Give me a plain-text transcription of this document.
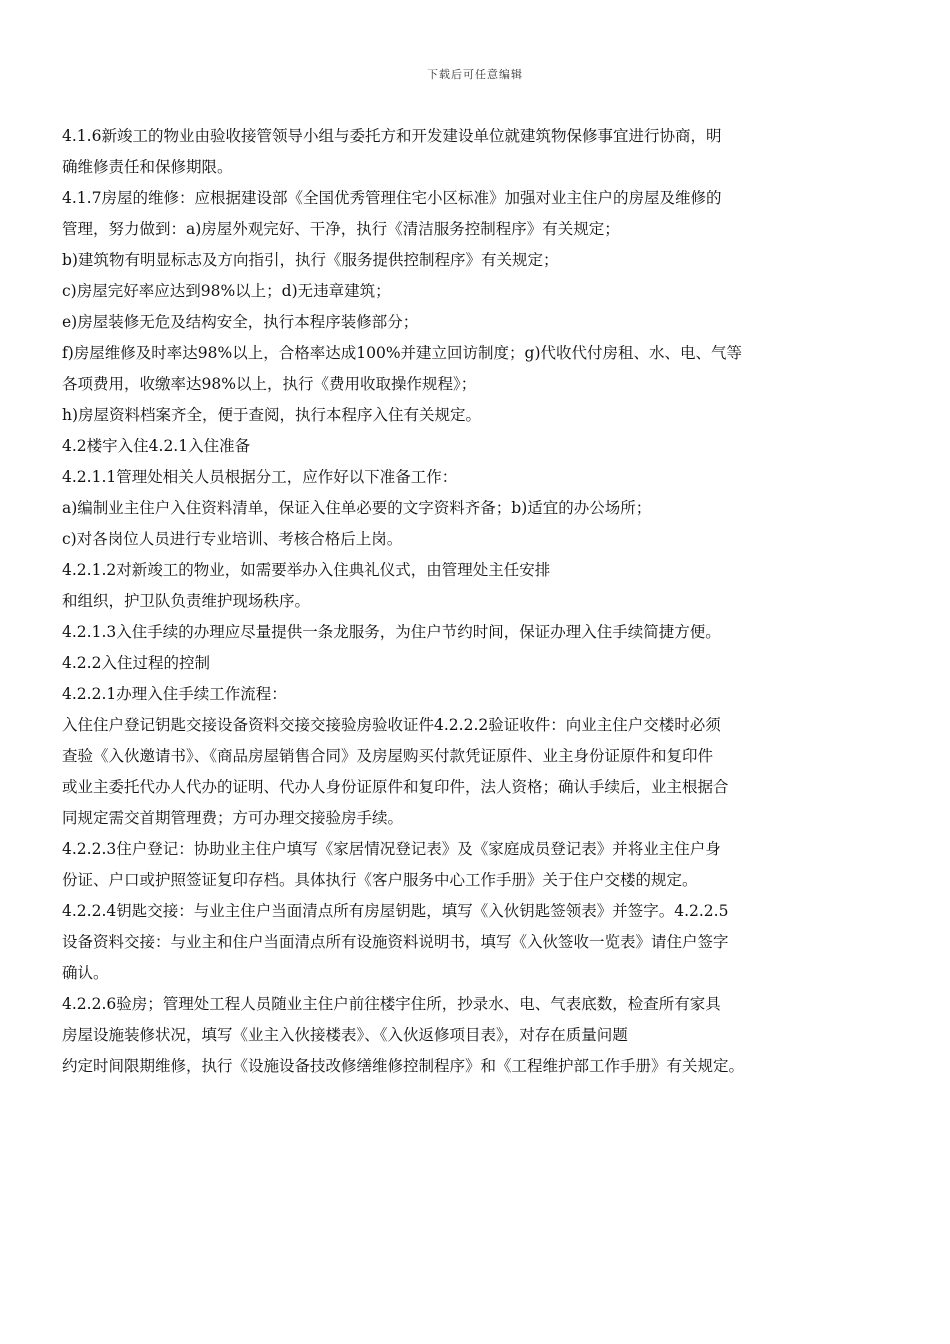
下载后可任意编辑
4.1.6新竣工的物业由验收接管领导小组与委托方和开发建设单位就建筑物保修事宜进行协商，明
确维修责任和保修期限。
4.1.7房屋的维修：应根据建设部《全国优秀管理住宅小区标准》加强对业主住户的房屋及维修的
管理，努力做到：a)房屋外观完好、干净，执行《清洁服务控制程序》有关规定；
b)建筑物有明显标志及方向指引，执行《服务提供控制程序》有关规定；
c)房屋完好率应达到98%以上；d)无违章建筑；
e)房屋装修无危及结构安全，执行本程序装修部分；
f)房屋维修及时率达98%以上，合格率达成100%并建立回访制度；g)代收代付房租、水、电、气等
各项费用，收缴率达98%以上，执行《费用收取操作规程》；
h)房屋资料档案齐全，便于查阅，执行本程序入住有关规定。
4.2楼宇入住4.2.1入住准备
4.2.1.1管理处相关人员根据分工，应作好以下准备工作：
a)编制业主住户入住资料清单，保证入住单必要的文字资料齐备；b)适宜的办公场所；
c)对各岗位人员进行专业培训、考核合格后上岗。
4.2.1.2对新竣工的物业，如需要举办入住典礼仪式，由管理处主任安排
和组织，护卫队负责维护现场秩序。
4.2.1.3入住手续的办理应尽量提供一条龙服务，为住户节约时间，保证办理入住手续简捷方便。
4.2.2入住过程的控制
4.2.2.1办理入住手续工作流程：
入住住户登记钥匙交接设备资料交接交接验房验收证件4.2.2.2验证收件：向业主住户交楼时必须
查验《入伙邀请书》、《商品房屋销售合同》及房屋购买付款凭证原件、业主身份证原件和复印件
或业主委托代办人代办的证明、代办人身份证原件和复印件，法人资格；确认手续后，业主根据合
同规定需交首期管理费；方可办理交接验房手续。
4.2.2.3住户登记：协助业主住户填写《家居情况登记表》及《家庭成员登记表》并将业主住户身
份证、户口或护照签证复印存档。具体执行《客户服务中心工作手册》关于住户交楼的规定。
4.2.2.4钥匙交接：与业主住户当面清点所有房屋钥匙，填写《入伙钥匙签领表》并签字。4.2.2.5
设备资料交接：与业主和住户当面清点所有设施资料说明书，填写《入伙签收一览表》请住户签字
确认。
4.2.2.6验房；管理处工程人员随业主住户前往楼宇住所，抄录水、电、气表底数，检查所有家具
房屋设施装修状况，填写《业主入伙接楼表》、《入伙返修项目表》，对存在质量问题
约定时间限期维修，执行《设施设备技改修缮维修控制程序》和《工程维护部工作手册》有关规定。
